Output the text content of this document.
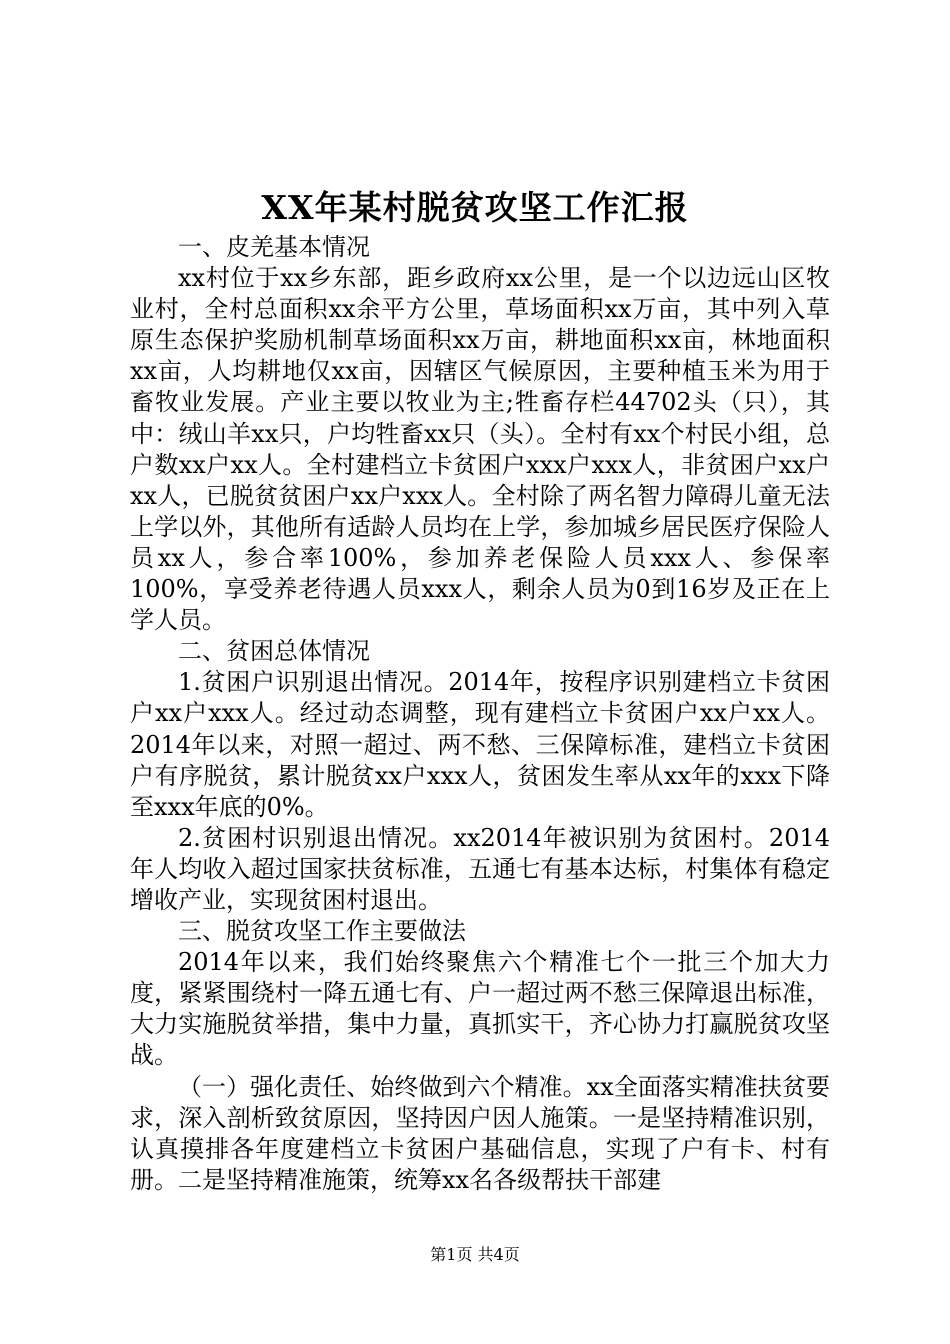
XX年某村脱贫攻坚工作汇报

一、皮羌基本情况

xx村位于xx乡东部，距乡政府xx公里，是一个以边远山区牧业村，全村总面积xx余平方公里，草场面积xx万亩，其中列入草原生态保护奖励机制草场面积xx万亩，耕地面积xx亩，林地面积xx亩，人均耕地仅xx亩，因辖区气候原因，主要种植玉米为用于畜牧业发展。产业主要以牧业为主;牲畜存栏44702头（只），其中：绒山羊xx只，户均牲畜xx只（头）。全村有xx个村民小组，总户数xx户xx人。全村建档立卡贫困户xxx户xxx人，非贫困户xx户xx人，已脱贫贫困户xx户xxx人。全村除了两名智力障碍儿童无法上学以外，其他所有适龄人员均在上学，参加城乡居民医疗保险人员xx人，参合率100%，参加养老保险人员xxx人、参保率100%，享受养老待遇人员xxx人，剩余人员为0到16岁及正在上学人员。

二、贫困总体情况

1.贫困户识别退出情况。2014年，按程序识别建档立卡贫困户xx户xxx人。经过动态调整，现有建档立卡贫困户xx户xx人。2014年以来，对照一超过、两不愁、三保障标准，建档立卡贫困户有序脱贫，累计脱贫xx户xxx人，贫困发生率从xx年的xxx下降至xxx年底的0%。

2.贫困村识别退出情况。xx2014年被识别为贫困村。2014年人均收入超过国家扶贫标准，五通七有基本达标，村集体有稳定增收产业，实现贫困村退出。

三、脱贫攻坚工作主要做法

2014年以来，我们始终聚焦六个精准七个一批三个加大力度，紧紧围绕村一降五通七有、户一超过两不愁三保障退出标准，大力实施脱贫举措，集中力量，真抓实干，齐心协力打赢脱贫攻坚战。

（一）强化责任、始终做到六个精准。xx全面落实精准扶贫要求，深入剖析致贫原因，坚持因户因人施策。一是坚持精准识别，认真摸排各年度建档立卡贫困户基础信息，实现了户有卡、村有册。二是坚持精准施策，统筹xx名各级帮扶干部建

第1页 共4页
